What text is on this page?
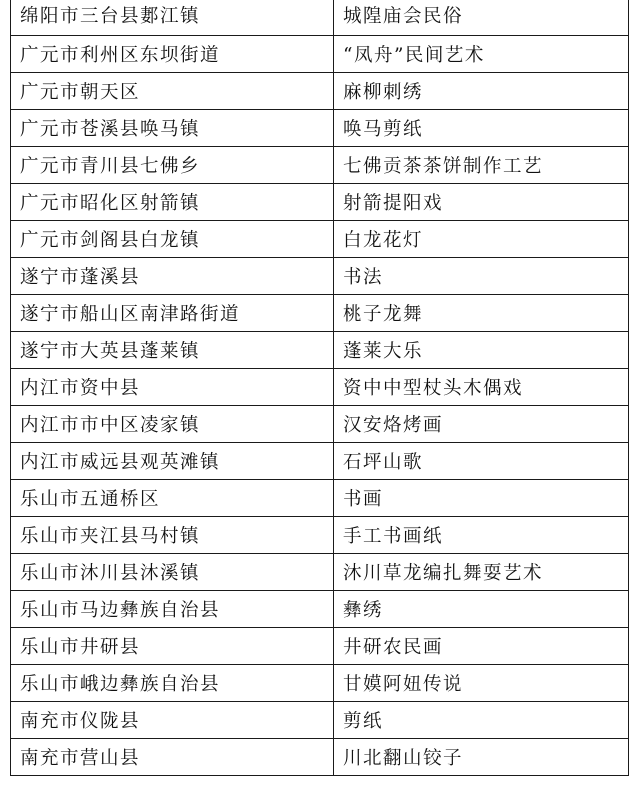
绵阳市三台县郪江镇	城隍庙会民俗
广元市利州区东坝街道	“凤舟”民间艺术
广元市朝天区	麻柳刺绣
广元市苍溪县唤马镇	唤马剪纸
广元市青川县七佛乡	七佛贡茶茶饼制作工艺
广元市昭化区射箭镇	射箭提阳戏
广元市剑阁县白龙镇	白龙花灯
遂宁市蓬溪县	书法
遂宁市船山区南津路街道	桃子龙舞
遂宁市大英县蓬莱镇	蓬莱大乐
内江市资中县	资中中型杖头木偶戏
内江市市中区凌家镇	汉安烙烤画
内江市威远县观英滩镇	石坪山歌
乐山市五通桥区	书画
乐山市夹江县马村镇	手工书画纸
乐山市沐川县沐溪镇	沐川草龙编扎舞耍艺术
乐山市马边彝族自治县	彝绣
乐山市井研县	井研农民画
乐山市峨边彝族自治县	甘嫫阿妞传说
南充市仪陇县	剪纸
南充市营山县	川北翻山铰子
